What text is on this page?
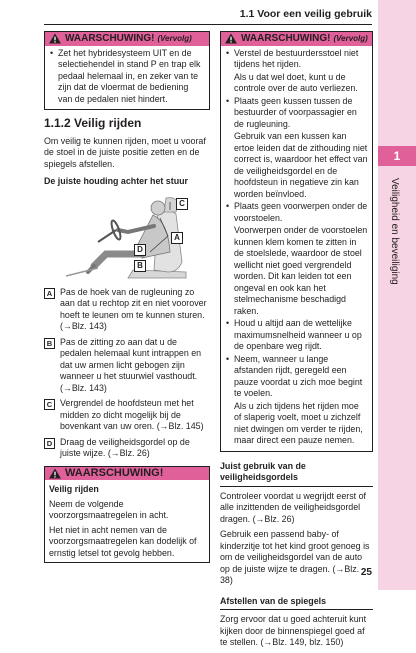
1.1 Voor een veilig gebruik
1
Veiligheid en beveiliging
WAARSCHUWING! (Vervolg)
• Zet het hybridesysteem UIT en de selectiehendel in stand P en trap elk pedaal helemaal in, en zeker van te zijn dat de vloermat de bediening van de pedalen niet hindert.
1.1.2 Veilig rijden
Om veilig te kunnen rijden, moet u vooraf de stoel in de juiste positie zetten en de spiegels afstellen.
De juiste houding achter het stuur
C
A
D
B
A Pas de hoek van de rugleuning zo aan dat u rechtop zit en niet voorover hoeft te leunen om te kunnen sturen. (→Blz. 143)
B Pas de zitting zo aan dat u de pedalen helemaal kunt intrappen en dat uw armen licht gebogen zijn wanneer u het stuurwiel vasthoudt. (→Blz. 143)
C Vergrendel de hoofdsteun met het midden zo dicht mogelijk bij de bovenkant van uw oren. (→Blz. 145)
D Draag de veiligheidsgordel op de juiste wijze. (→Blz. 26)
WAARSCHUWING!
Veilig rijden
Neem de volgende voorzorgsmaatregelen in acht.
Het niet in acht nemen van de voorzorgsmaatregelen kan dodelijk of ernstig letsel tot gevolg hebben.
WAARSCHUWING! (Vervolg)
• Verstel de bestuurdersstoel niet tijdens het rijden.
Als u dat wel doet, kunt u de controle over de auto verliezen.
• Plaats geen kussen tussen de bestuurder of voorpassagier en de rugleuning.
Gebruik van een kussen kan ertoe leiden dat de zithouding niet correct is, waardoor het effect van de veiligheidsgordel en de hoofdsteun in negatieve zin kan worden beïnvloed.
• Plaats geen voorwerpen onder de voorstoelen.
Voorwerpen onder de voorstoelen kunnen klem komen te zitten in de stoelslede, waardoor de stoel wellicht niet goed vergrendeld worden. Dit kan leiden tot een ongeval en ook kan het stelmechanisme beschadigd raken.
• Houd u altijd aan de wettelijke maximumsnelheid wanneer u op de openbare weg rijdt.
• Neem, wanneer u lange afstanden rijdt, geregeld een pauze voordat u zich moe begint te voelen.
Als u zich tijdens het rijden moe of slaperig voelt, moet u zichzelf niet dwingen om verder te rijden, maar direct een pauze nemen.
Juist gebruik van de veiligheidsgordels
Controleer voordat u wegrijdt eerst of alle inzittenden de veiligheidsgordel dragen. (→Blz. 26)
Gebruik een passend baby- of kinderzitje tot het kind groot genoeg is om de veiligheidsgordel van de auto op de juiste wijze te dragen. (→Blz. 38)
Afstellen van de spiegels
Zorg ervoor dat u goed achteruit kunt kijken door de binnenspiegel goed af te stellen. (→Blz. 149, blz. 150)
25
